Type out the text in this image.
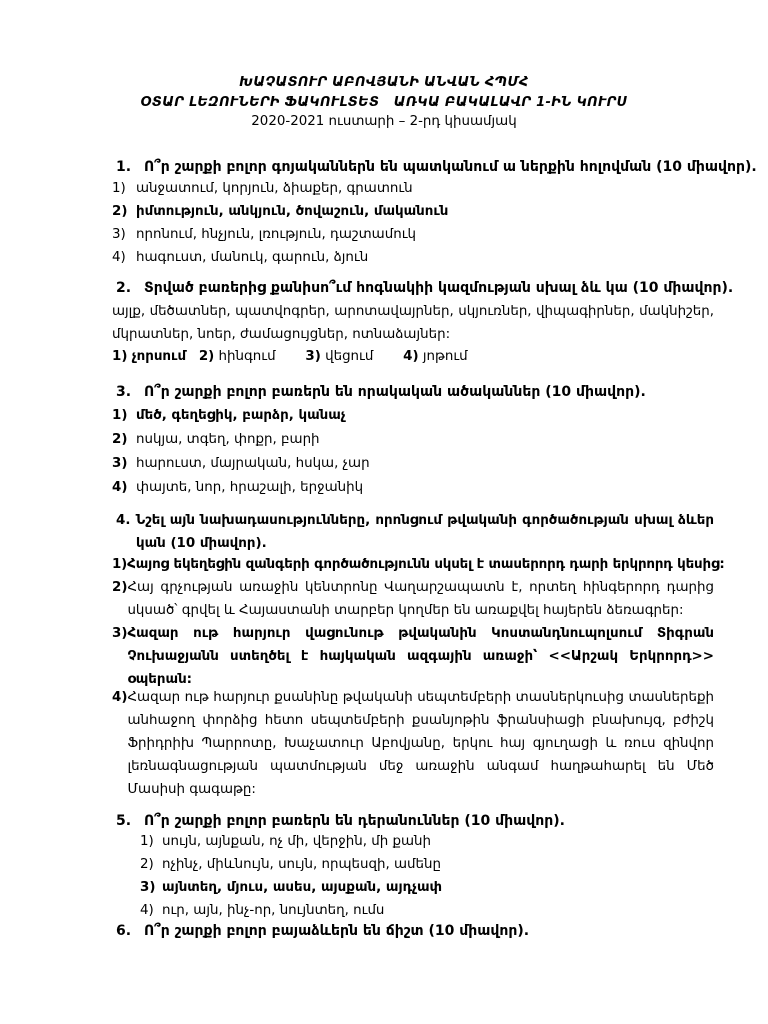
ԽԱՉԱՏՈՒՐ ԱԲՈՎՅԱՆԻ ԱՆՎԱՆ ՀՊՄՀ
ՕՏԱՐ ԼԵԶՈՒՆԵՐԻ ՖԱԿՈՒԼՏԵՏ ԱՌԿԱ ԲԱԿԱԼԱՎՐ 1-ԻՆ ԿՈՒՐՍ
2020-2021 ուստարի – 2-րդ կիսամյակ
1. Ո՞ր շարքի բոլոր գոյականներն են պատկանում ա ներքին հոլովման (10 միավոր).
1) անջատում, կորյուն, ձիաքեր, գրատուն
2) իմտություն, անկյուն, ծովաշուն, մականուն
3) որոնում, հնչյուն, լռություն, դաշտամուկ
4) հագուստ, մանուկ, գարուն, ձյուն
2. Տրված բառերից քանիսո՞ւմ հոգնակիի կազմության սխալ ձև կա (10 միավոր).
այլք, մեծատներ, պատվոգրեր, արոտավայրներ, սկյուռներ, վիպագիրներ, մակնիշեր,
մկրատներ, նոեր, ժամացույցներ, ոտնաձայներ:
1) չորսում 2) հինգում 3) վեցում 4) յոթում
3. Ո՞ր շարքի բոլոր բառերն են որակական ածականներ (10 միավոր).
1) մեծ, գեղեցիկ, բարձր, կանաչ
2) ոսկյա, տգեղ, փոքր, բարի
3) հարուստ, մայրական, հսկա, չար
4) փայտե, նոր, հրաշալի, երջանիկ
4. Նշել այն նախադասությունները, որոնցում թվականի գործածության սխալ ձևեր
կան (10 միավոր).
1)Հայոց եկեղեցին զանգերի գործածությունն սկսել է տասերորդ դարի երկրորդ կեսից:
2) Հայ գրչության առաջին կենտրոնը Վաղարշապատն է, որտեղ հինգերորդ դարից սկսած՝ գրվել և Հայաստանի տարբեր կողմեր են առաքվել հայերեն ձեռագրեր:
3) Հազար ութ հարյուր վացունութ թվականին Կոստանդնուպոլսում Տիգրան Չուխաջյանն ստեղծել է հայկական ազգային առաջի՝ <<Արշակ Երկրորդ>> օպերան:
4) Հազար ութ հարյուր քսանինը թվականի սեպտեմբերի տասներկուսից տասներեքի անհաջող փորձից հետո սեպտեմբերի քսանյոթին ֆրանսիացի բնախույզ, բժիշկ Ֆրիդրիխ Պարրոտը, Խաչատուր Աբովյանը, երկու հայ գյուղացի և ռուս զինվոր լեռնագնացության պատմության մեջ առաջին անգամ հաղթահարել են Մեծ Մասիսի գագաթը:
5. Ո՞ր շարքի բոլոր բառերն են դերանուններ (10 միավոր).
1) սույն, այնքան, ոչ մի, վերջին, մի քանի
2) ոչինչ, միևնույն, սույն, որպեսզի, ամենը
3) այնտեղ, մյուս, ասես, այսքան, այդչափ
4) ուր, այն, ինչ-որ, նույնտեղ, ումս
6. Ո՞ր շարքի բոլոր բայաձևերն են ճիշտ (10 միավոր).
